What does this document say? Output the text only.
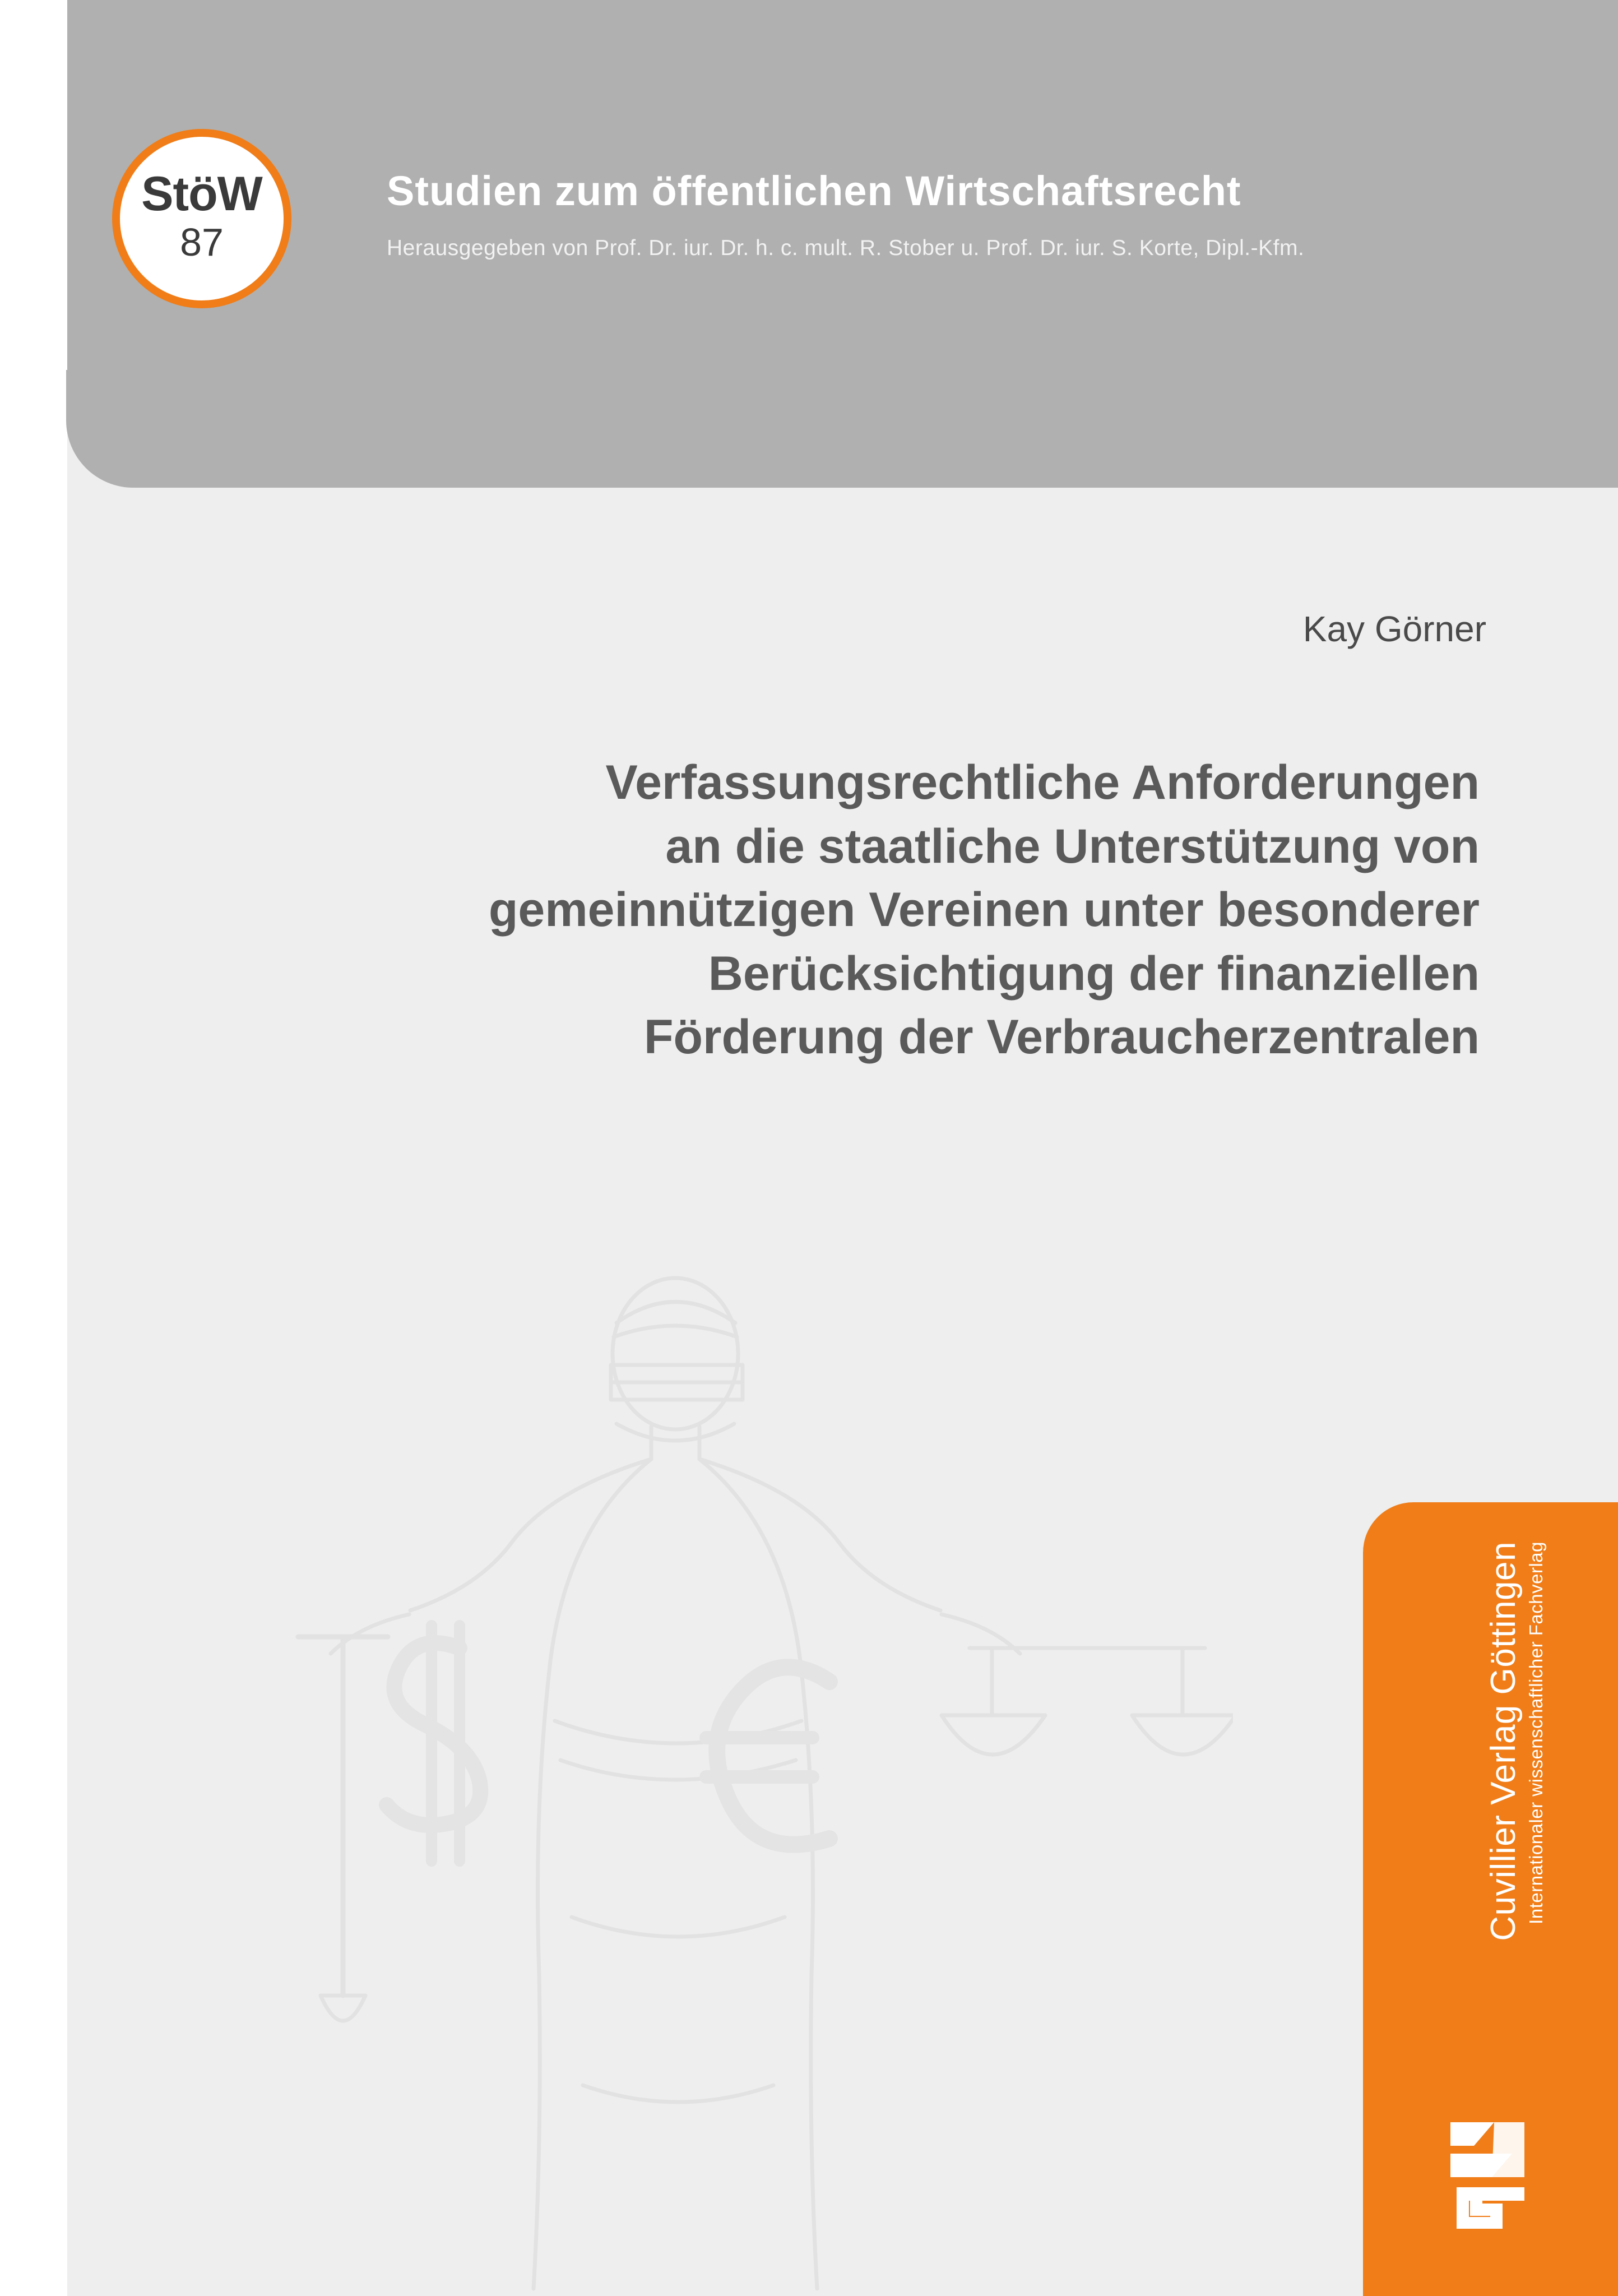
StöW
87
Studien zum öffentlichen Wirtschaftsrecht
Herausgegeben von Prof. Dr. iur. Dr. h. c. mult. R. Stober u. Prof. Dr. iur. S. Korte, Dipl.-Kfm.
Kay Görner
Verfassungsrechtliche Anforderungen
an die staatliche Unterstützung von
gemeinnützigen Vereinen unter besonderer
Berücksichtigung der finanziellen
Förderung der Verbraucherzentralen
Cuvillier Verlag Göttingen Internationaler wissenschaftlicher Fachverlag
